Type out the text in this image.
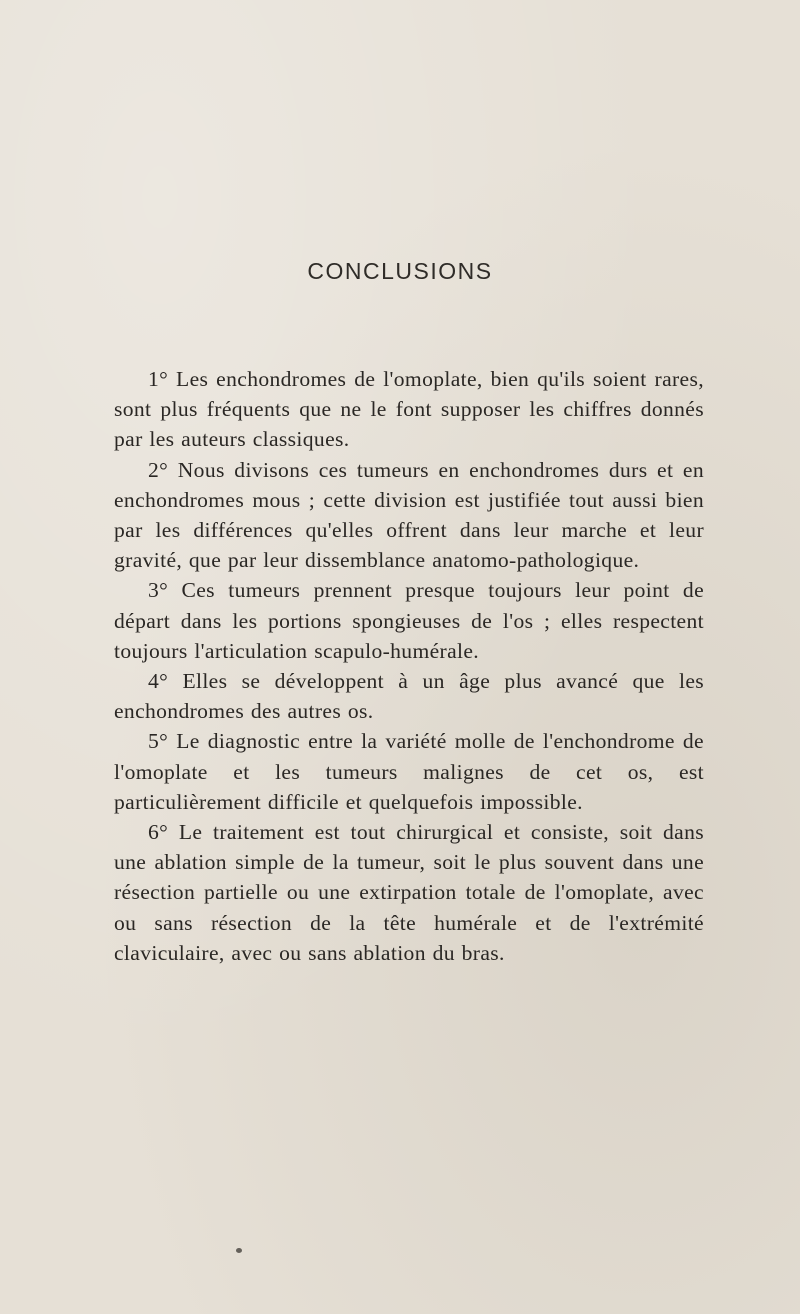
CONCLUSIONS

1° Les enchondromes de l'omoplate, bien qu'ils soient rares, sont plus fréquents que ne le font supposer les chiffres donnés par les auteurs classiques.

2° Nous divisons ces tumeurs en enchondromes durs et en enchondromes mous ; cette division est justifiée tout aussi bien par les différences qu'elles offrent dans leur marche et leur gravité, que par leur dissemblance anatomo-pathologique.

3° Ces tumeurs prennent presque toujours leur point de départ dans les portions spongieuses de l'os ; elles respectent toujours l'articulation scapulo-humérale.

4° Elles se développent à un âge plus avancé que les enchondromes des autres os.

5° Le diagnostic entre la variété molle de l'enchondrome de l'omoplate et les tumeurs malignes de cet os, est particulièrement difficile et quelquefois impossible.

6° Le traitement est tout chirurgical et consiste, soit dans une ablation simple de la tumeur, soit le plus souvent dans une résection partielle ou une extirpation totale de l'omoplate, avec ou sans résection de la tête humérale et de l'extrémité claviculaire, avec ou sans ablation du bras.
